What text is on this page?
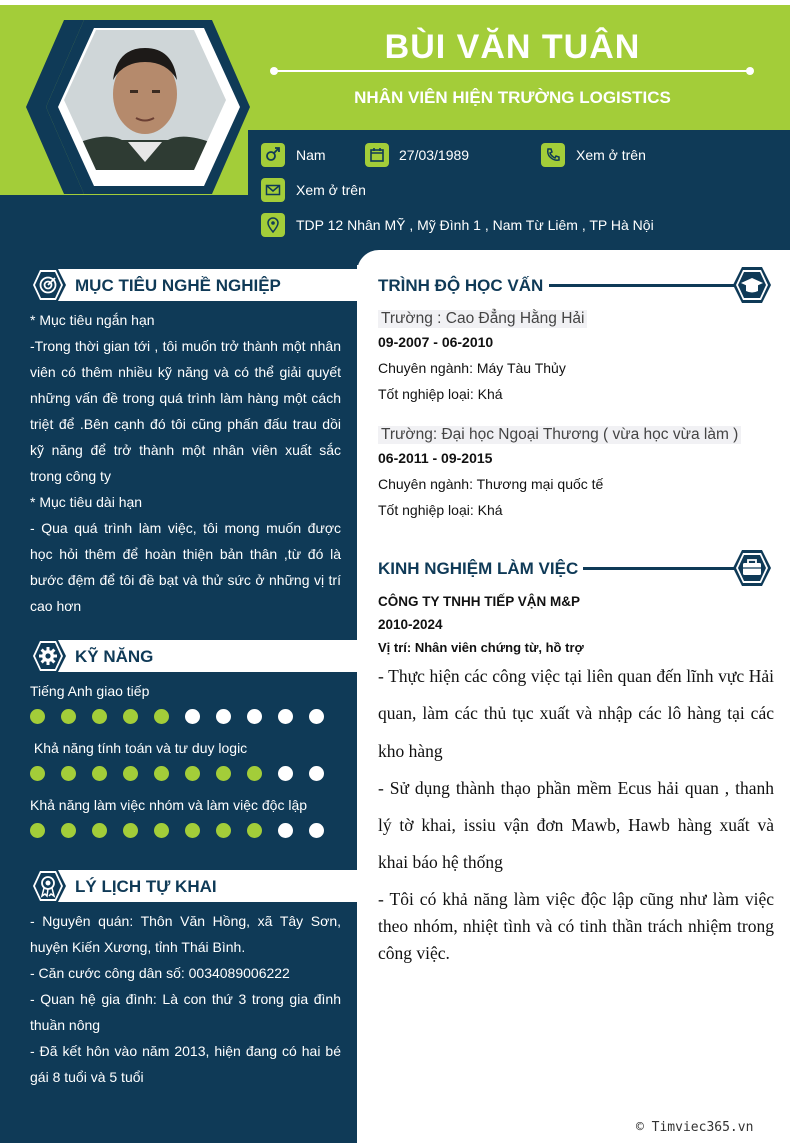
BÙI VĂN TUÂN
NHÂN VIÊN HIỆN TRƯỜNG LOGISTICS
Nam	27/03/1989	Xem ở trên
Xem ở trên
TDP 12 Nhân MỸ , Mỹ Đình 1 , Nam Từ Liêm , TP Hà Nội
MỤC TIÊU NGHỀ NGHIỆP
* Mục tiêu ngắn hạn
-Trong thời gian tới , tôi muốn trở thành một nhân viên có thêm nhiều kỹ năng và có thể giải quyết những vấn đề trong quá trình làm hàng một cách triệt để .Bên cạnh đó tôi cũng phấn đấu trau dồi kỹ năng để trở thành một nhân viên xuất sắc trong công ty
* Mục tiêu dài hạn
- Qua quá trình làm việc, tôi mong muốn được học hỏi thêm để hoàn thiện bản thân ,từ đó là bước đệm để tôi đề bạt và thử sức ở những vị trí cao hơn
KỸ NĂNG
Tiếng Anh giao tiếp
Khả năng tính toán và tư duy logic
Khả năng làm việc nhóm và làm việc độc lập
LÝ LỊCH TỰ KHAI
- Nguyên quán: Thôn Văn Hồng, xã Tây Sơn, huyện Kiến Xương, tỉnh Thái Bình.
- Căn cước công dân số: 0034089006222
- Quan hệ gia đình: Là con thứ 3 trong gia đình thuần nông
- Đã kết hôn vào năm 2013, hiện đang có hai bé gái 8 tuổi và 5 tuổi
TRÌNH ĐỘ HỌC VẤN
Trường : Cao Đẳng Hằng Hải
09-2007 - 06-2010
Chuyên ngành: Máy Tàu Thủy
Tốt nghiệp loại: Khá
Trường: Đại học Ngoại Thương ( vừa học vừa làm )
06-2011 - 09-2015
Chuyên ngành: Thương mại quốc tế
Tốt nghiệp loại: Khá
KINH NGHIỆM LÀM VIỆC
CÔNG TY TNHH TIẾP VẬN M&P
2010-2024
Vị trí: Nhân viên chứng từ, hồ trợ
- Thực hiện các công việc tại liên quan đến lĩnh vực Hải quan, làm các thủ tục xuất và nhập các lô hàng tại các kho hàng
- Sử dụng thành thạo phần mềm Ecus hải quan , thanh lý tờ khai, issiu vận đơn Mawb, Hawb hàng xuất và khai báo hệ thống
- Tôi có khả năng làm việc độc lập cũng như làm việc theo nhóm, nhiệt tình và có tinh thần trách nhiệm trong công việc.
© Timviec365.vn
